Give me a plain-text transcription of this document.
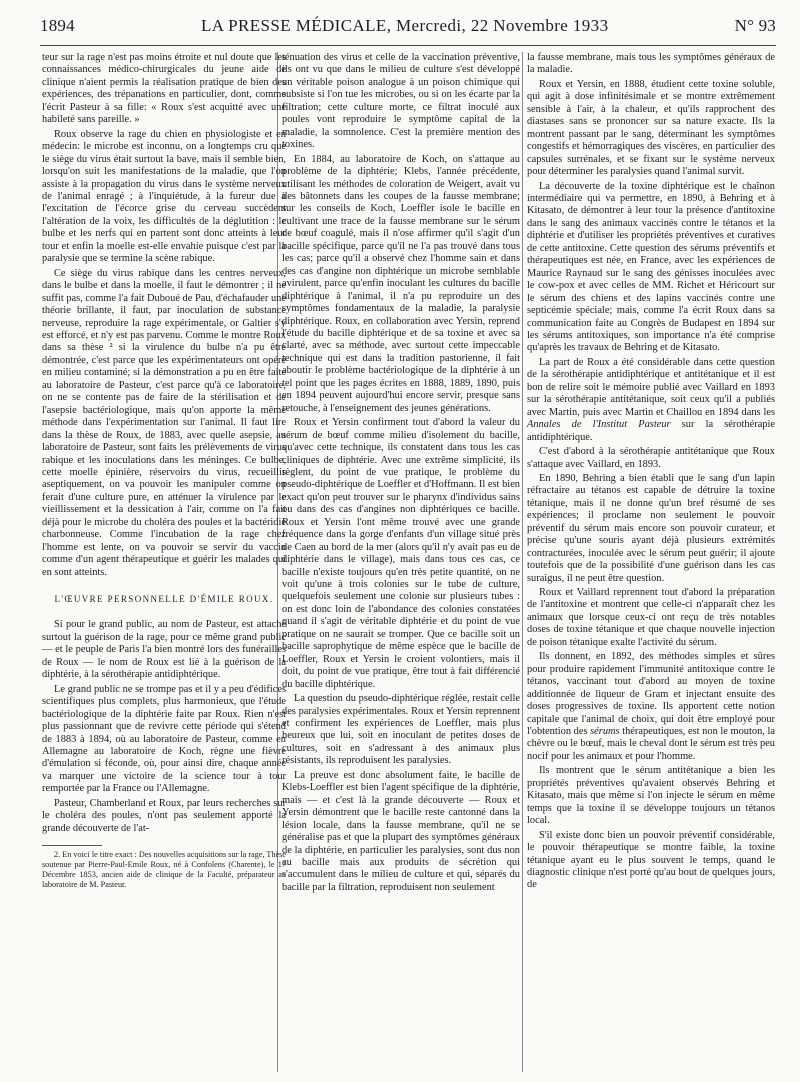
1894	LA PRESSE MÉDICALE, Mercredi, 22 Novembre 1933	N° 93

teur sur la rage n'est pas moins étroite et nul doute que les connaissances médico-chirurgicales du jeune aide de clinique n'aient permis la réalisation pratique de bien des expériences, des trépanations en particulier, dont, comme l'écrit Pasteur à sa fille: « Roux s'est acquitté avec une habileté sans pareille. »

Roux observe la rage du chien en physiologiste et en médecin: le microbe est inconnu, on a longtemps cru que le siège du virus était surtout la bave, mais il semble bien, lorsqu'on suit les manifestations de la maladie, que l'on assiste à la propagation du virus dans le système nerveux de l'animal enragé ; à l'inquiétude, à la fureur due à l'excitation de l'écorce grise du cerveau succèdent l'altération de la voix, les difficultés de la déglutition : le bulbe et les nerfs qui en partent sont donc atteints à leur tour et enfin la moelle est-elle envahie puisque c'est par la paralysie que se termine la scène rabique.

Ce siège du virus rabique dans les centres nerveux, dans le bulbe et dans la moelle, il faut le démontrer ; il ne suffit pas, comme l'a fait Duboué de Pau, d'échafauder une théorie brillante, il faut, par inoculation de substance nerveuse, reproduire la rage expérimentale, or Galtier s'y est efforcé, et n'y est pas parvenu. Comme le montre Roux dans sa thèse ² si la virulence du bulbe n'a pu être démontrée, c'est parce que les expérimentateurs ont opéré en milieu contaminé; si la démonstration a pu en être faite au laboratoire de Pasteur, c'est parce qu'à ce laboratoire, on ne se contente pas de faire de la stérilisation et de l'asepsie bactériologique, mais qu'on apporte la même méthode dans l'expérimentation sur l'animal. Il faut lire dans la thèse de Roux, de 1883, avec quelle asepsie, au laboratoire de Pasteur, sont faits les prélèvements de virus rabique et les inoculations dans les méninges. Ce bulbe, cette moelle épinière, réservoirs du virus, recueillis aseptiquement, on va pouvoir les manipuler comme on ferait d'une culture pure, en atténuer la virulence par le vieillissement et la dessication à l'air, comme on l'a fait déjà pour le microbe du choléra des poules et la bactéridie charbonneuse. Comme l'incubation de la rage chez l'homme est lente, on va pouvoir se servir du vaccin comme d'un agent thérapeutique et guérir les malades qui en sont atteints.

L'ŒUVRE PERSONNELLE D'ÉMILE ROUX.

Si pour le grand public, au nom de Pasteur, est attaché surtout la guérison de la rage, pour ce même grand public — et le peuple de Paris l'a bien montré lors des funérailles de Roux — le nom de Roux est lié à la guérison de la diphtérie, à la sérothérapie antidiphtérique.

Le grand public ne se trompe pas et il y a peu d'édifices scientifiques plus complets, plus harmonieux, que l'étude bactériologique de la diphtérie faite par Roux. Rien n'est plus passionnant que de revivre cette période qui s'étend de 1883 à 1894, où au laboratoire de Pasteur, comme en Allemagne au laboratoire de Koch, règne une fièvre d'émulation si féconde, où, pour ainsi dire, chaque année va marquer une victoire de la science tour à tour remportée par la France ou l'Allemagne.

Pasteur, Chamberland et Roux, par leurs recherches sur le choléra des poules, n'ont pas seulement apporté la grande découverte de l'at-

2. En voici le titre exact : Des nouvelles acquisitions sur la rage, Thèse soutenue par Pierre-Paul-Emile Roux, né à Confolens (Charente), le 17 Décembre 1853, ancien aide de clinique de la Faculté, préparateur au laboratoire de M. Pasteur.

ténuation des virus et celle de la vaccination préventive, ils ont vu que dans le milieu de culture s'est développé un véritable poison analogue à un poison chimique qui subsiste si l'on tue les microbes, ou si on les écarte par la filtration; cette culture morte, ce filtrat inoculé aux poules vont reproduire le symptôme capital de la maladie, la somnolence. C'est la première mention des toxines.

En 1884, au laboratoire de Koch, on s'attaque au problème de la diphtérie; Klebs, l'année précédente, utilisant les méthodes de coloration de Weigert, avait vu des bâtonnets dans les coupes de la fausse membrane; sur les conseils de Koch, Loeffler isole le bacille en cultivant une trace de la fausse membrane sur le sérum de bœuf coagulé, mais il n'ose affirmer qu'il s'agit d'un bacille spécifique, parce qu'il ne l'a pas trouvé dans tous les cas; parce qu'il a observé chez l'homme sain et dans des cas d'angine non diphtérique un microbe semblable avirulent, parce qu'enfin inoculant les cultures du bacille diphtérique à l'animal, il n'a pu reproduire un des symptômes fondamentaux de la maladie, la paralysie diphtérique. Roux, en collaboration avec Yersin, reprend l'étude du bacille diphtérique et de sa toxine et avec sa clarté, avec sa méthode, avec surtout cette impeccable technique qui est dans la tradition pastorienne, il fait aboutir le problème bactériologique de la diphtérie à un tel point que les pages écrites en 1888, 1889, 1890, puis en 1894 peuvent aujourd'hui encore servir, presque sans retouche, à l'enseignement des jeunes générations.

Roux et Yersin confirment tout d'abord la valeur du sérum de bœuf comme milieu d'isolement du bacille, qu'avec cette technique, ils constatent dans tous les cas cliniques de diphtérie. Avec une extrême simplicité, ils règlent, du point de vue pratique, le problème du pseudo-diphtérique de Loeffler et d'Hoffmann. Il est bien exact qu'on peut trouver sur le pharynx d'individus sains ou dans des cas d'angines non diphtériques ce bacille. Roux et Yersin l'ont même trouvé avec une grande fréquence dans la gorge d'enfants d'un village situé près de Caen au bord de la mer (alors qu'il n'y avait pas eu de diphtérie dans le village), mais dans tous ces cas, ce bacille n'existe toujours qu'en très petite quantité, on ne voit qu'une à trois colonies sur le tube de culture, quelquefois seulement une colonie sur plusieurs tubes : on est donc loin de l'abondance des colonies constatées quand il s'agit de véritable diphtérie et du point de vue pratique on ne saurait se tromper. Que ce bacille soit un bacille saprophytique de même espèce que le bacille de Loeffler, Roux et Yersin le croient volontiers, mais il doit, du point de vue pratique, être tout à fait différencié du bacille diphtérique.

La question du pseudo-diphtérique réglée, restait celle des paralysies expérimentales. Roux et Yersin reprennent et confirment les expériences de Loeffler, mais plus heureux que lui, soit en inoculant de petites doses de cultures, soit en s'adressant à des animaux plus résistants, ils reproduisent les paralysies.

La preuve est donc absolument faite, le bacille de Klebs-Loeffler est bien l'agent spécifique de la diphtérie, mais — et c'est là la grande découverte — Roux et Yersin démontrent que le bacille reste cantonné dans la lésion locale, dans la fausse membrane, qu'il ne se généralise pas et que la plupart des symptômes généraux de la diphtérie, en particulier les paralysies, sont dus non au bacille mais aux produits de sécrétion qui s'accumulent dans le milieu de culture et qui, séparés du bacille par la filtration, reproduisent non seulement

la fausse membrane, mais tous les symptômes généraux de la maladie.

Roux et Yersin, en 1888, étudient cette toxine soluble, qui agit à dose infinitésimale et se montre extrêmement sensible à l'air, à la chaleur, et qu'ils rapprochent des diastases sans se prononcer sur sa nature exacte. Ils la montrent passant par le sang, déterminant les symptômes congestifs et hémorragiques des viscères, en particulier des capsules surrénales, et se fixant sur le système nerveux pour déterminer les paralysies quand l'animal survit.

La découverte de la toxine diphtérique est le chaînon intermédiaire qui va permettre, en 1890, à Behring et à Kitasato, de démontrer à leur tour la présence d'antitoxine dans le sang des animaux vaccinés contre le tétanos et la diphtérie et d'utiliser les propriétés préventives et curatives de cette antitoxine. Cette question des sérums préventifs et thérapeutiques est née, en France, avec les expériences de Maurice Raynaud sur le sang des génisses inoculées avec le cow-pox et avec celles de MM. Richet et Héricourt sur le sérum des chiens et des lapins vaccinés contre une septicémie spéciale; mais, comme l'a écrit Roux dans sa communication faite au Congrès de Budapest en 1894 sur les sérums antitoxiques, son importance n'a été comprise qu'après les travaux de Behring et de Kitasato.

La part de Roux a été considérable dans cette question de la sérothérapie antidiphtérique et antitétanique et il est bon de relire soit le mémoire publié avec Vaillard en 1893 sur la sérothérapie antitétanique, soit ceux qu'il a publiés avec Martin, puis avec Martin et Chaillou en 1894 dans les Annales de l'Institut Pasteur sur la sérothérapie antidiphtérique.

C'est d'abord à la sérothérapie antitétanique que Roux s'attaque avec Vaillard, en 1893.

En 1890, Behring a bien établi que le sang d'un lapin réfractaire au tétanos est capable de détruire la toxine tétanique, mais il ne donne qu'un bref résumé de ses expériences; il proclame non seulement le pouvoir préventif du sérum mais encore son pouvoir curateur, et précise qu'une souris ayant déjà plusieurs extrémités contracturées, inoculée avec le sérum peut guérir; il ajoute toutefois que de la possibilité d'une guérison dans les cas suraigus, il ne peut être question.

Roux et Vaillard reprennent tout d'abord la préparation de l'antitoxine et montrent que celle-ci n'apparaît chez les animaux que lorsque ceux-ci ont reçu de très notables doses de toxine tétanique et que chaque nouvelle injection de poison tétanique exalte l'activité du sérum.

Ils donnent, en 1892, des méthodes simples et sûres pour produire rapidement l'immunité antitoxique contre le tétanos, vaccinant tout d'abord au moyen de toxine additionnée de liqueur de Gram et injectant ensuite des doses progressives de toxine. Ils apportent cette notion capitale que l'animal de choix, qui doit être employé pour l'obtention des sérums thérapeutiques, est non le mouton, la chèvre ou le bœuf, mais le cheval dont le sérum est très peu nocif pour les animaux et pour l'homme.

Ils montrent que le sérum antitétanique a bien les propriétés préventives qu'avaient observés Behring et Kitasato, mais que même si l'on injecte le sérum en même temps que la toxine il se développe toujours un tétanos local.

S'il existe donc bien un pouvoir préventif considérable, le pouvoir thérapeutique se montre faible, la toxine tétanique ayant eu le plus souvent le temps, quand le diagnostic clinique n'est porté qu'au bout de quelques jours, de
